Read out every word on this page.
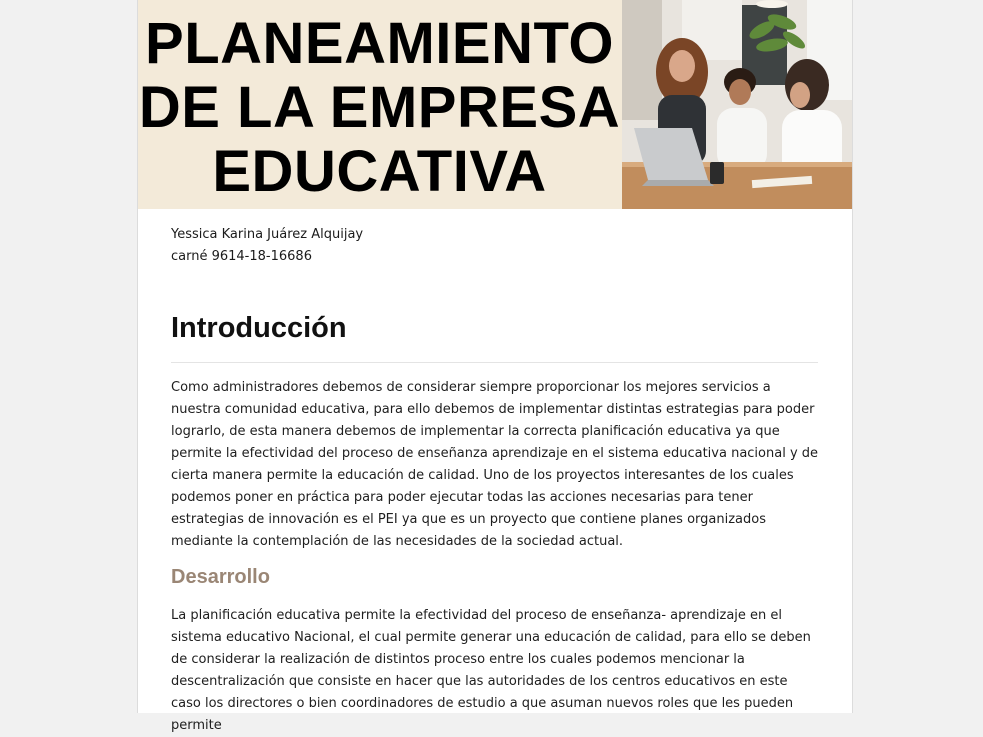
PLANEAMIENTO
DE LA EMPRESA
EDUCATIVA
Yessica Karina Juárez Alquijay
carné 9614-18-16686
Introducción

Como administradores debemos de considerar siempre proporcionar los mejores servicios a nuestra comunidad educativa, para ello debemos de implementar distintas estrategias para poder lograrlo, de esta manera debemos de implementar la correcta planificación educativa ya que permite la efectividad del proceso de enseñanza aprendizaje en el sistema educativa nacional y de cierta manera permite la educación de calidad. Uno de los proyectos interesantes de los cuales podemos poner en práctica para poder ejecutar todas las acciones necesarias para tener estrategias de innovación es el PEI ya que es un proyecto que contiene planes organizados mediante la contemplación de las necesidades de la sociedad actual.

Desarrollo

La planificación educativa permite la efectividad del proceso de enseñanza- aprendizaje en el sistema educativo Nacional, el cual permite generar una educación de calidad, para ello se deben de considerar la realización de distintos proceso entre los cuales podemos mencionar la descentralización que consiste en hacer que las autoridades de los centros educativos en este caso los directores o bien coordinadores de estudio a que asuman nuevos roles que les pueden permite
